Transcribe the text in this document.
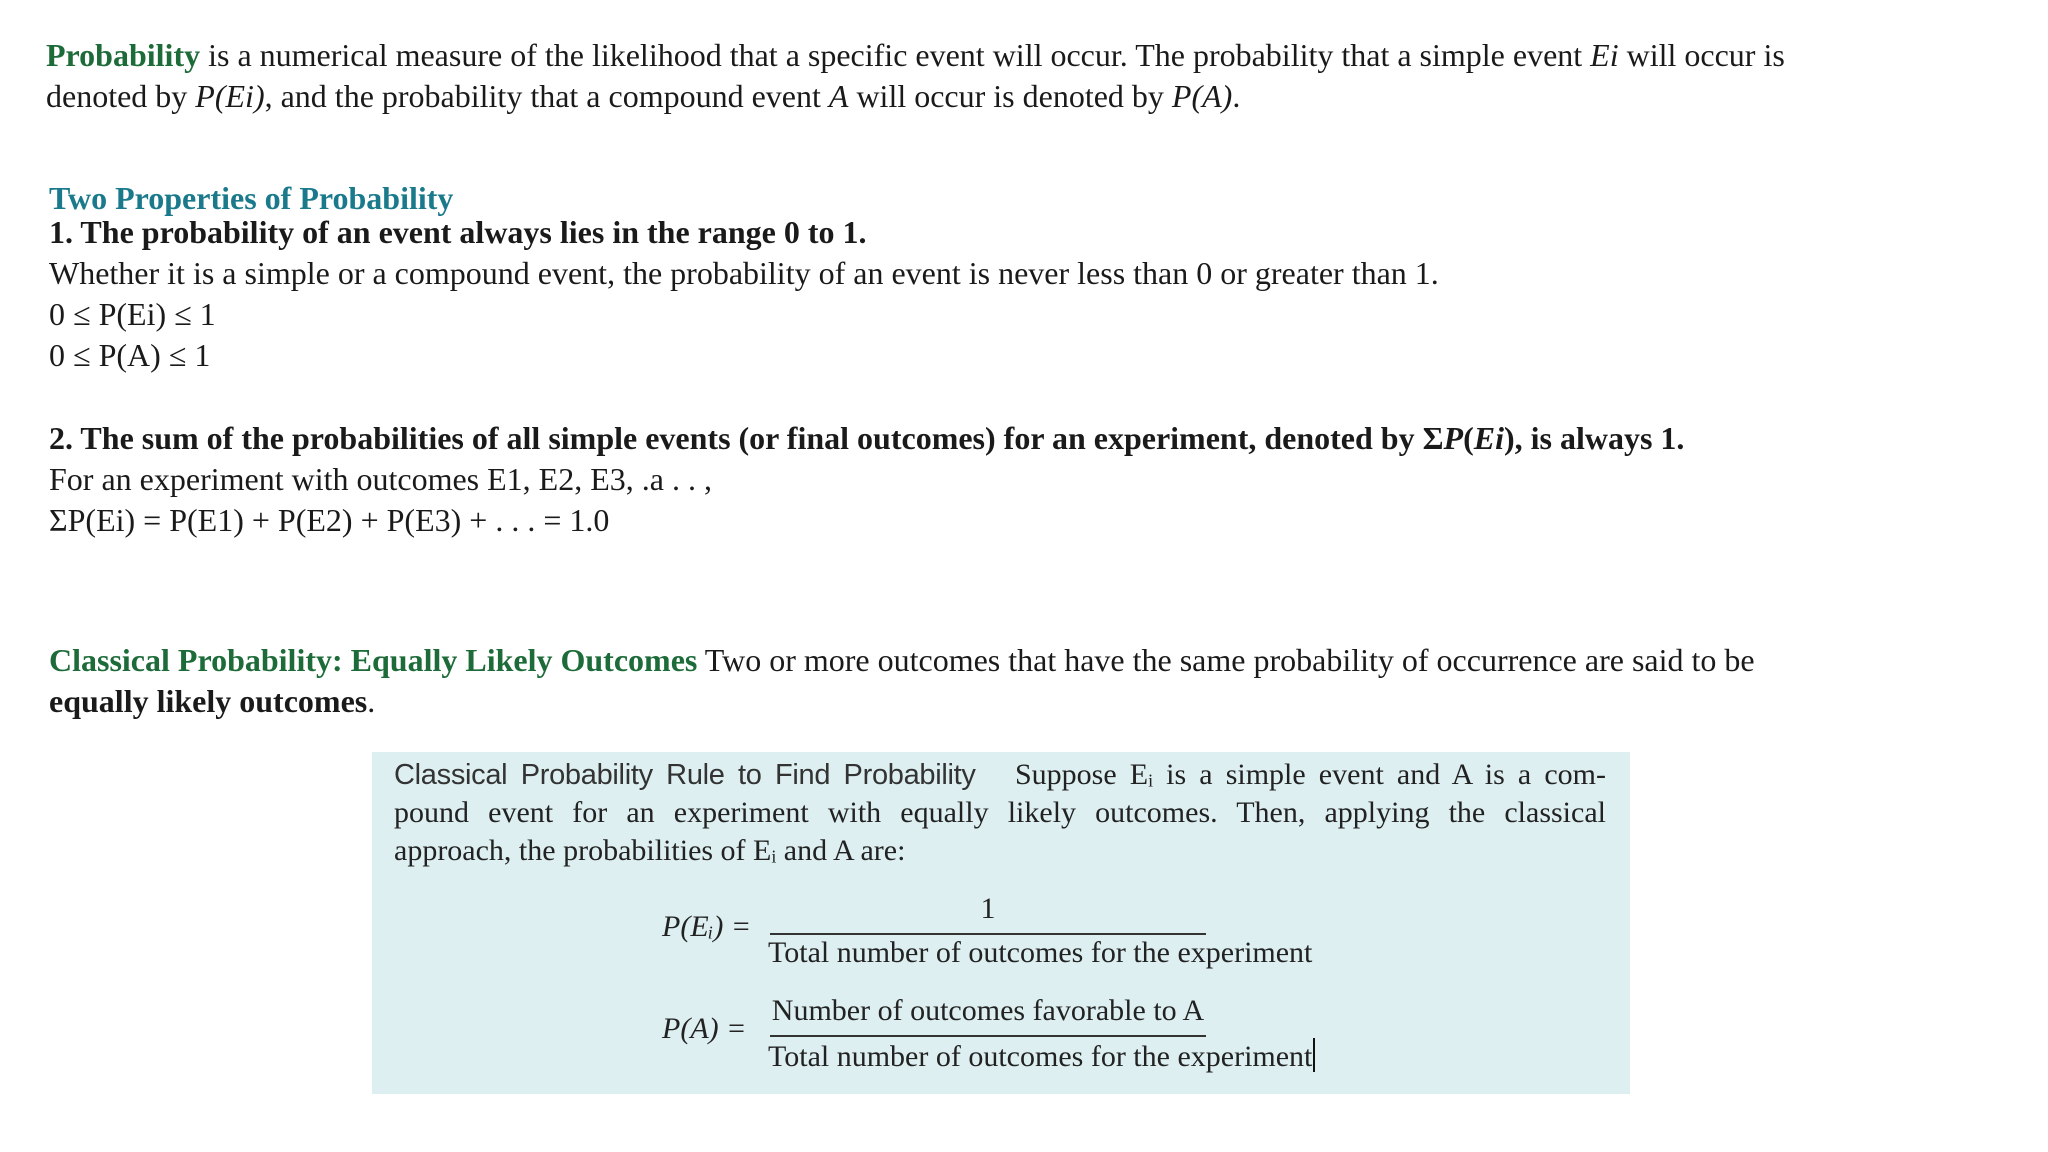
Probability is a numerical measure of the likelihood that a specific event will occur. The probability that a simple event Ei will occur is
denoted by P(Ei), and the probability that a compound event A will occur is denoted by P(A).
Two Properties of Probability
1. The probability of an event always lies in the range 0 to 1.
Whether it is a simple or a compound event, the probability of an event is never less than 0 or greater than 1.
0 ≤ P(Ei) ≤ 1
0 ≤ P(A) ≤ 1
2. The sum of the probabilities of all simple events (or final outcomes) for an experiment, denoted by ΣP(Ei), is always 1.
For an experiment with outcomes E1, E2, E3, .a . . ,
ΣP(Ei) = P(E1) + P(E2) + P(E3) + . . . = 1.0
Classical Probability: Equally Likely Outcomes Two or more outcomes that have the same probability of occurrence are said to be
equally likely outcomes.
Classical Probability Rule to Find Probability Suppose Eᵢ is a simple event and A is a com-
pound event for an experiment with equally likely outcomes. Then, applying the classical
approach, the probabilities of Eᵢ and A are:
P(Eᵢ) =
1
Total number of outcomes for the experiment
P(A) =
Number of outcomes favorable to A
Total number of outcomes for the experiment
